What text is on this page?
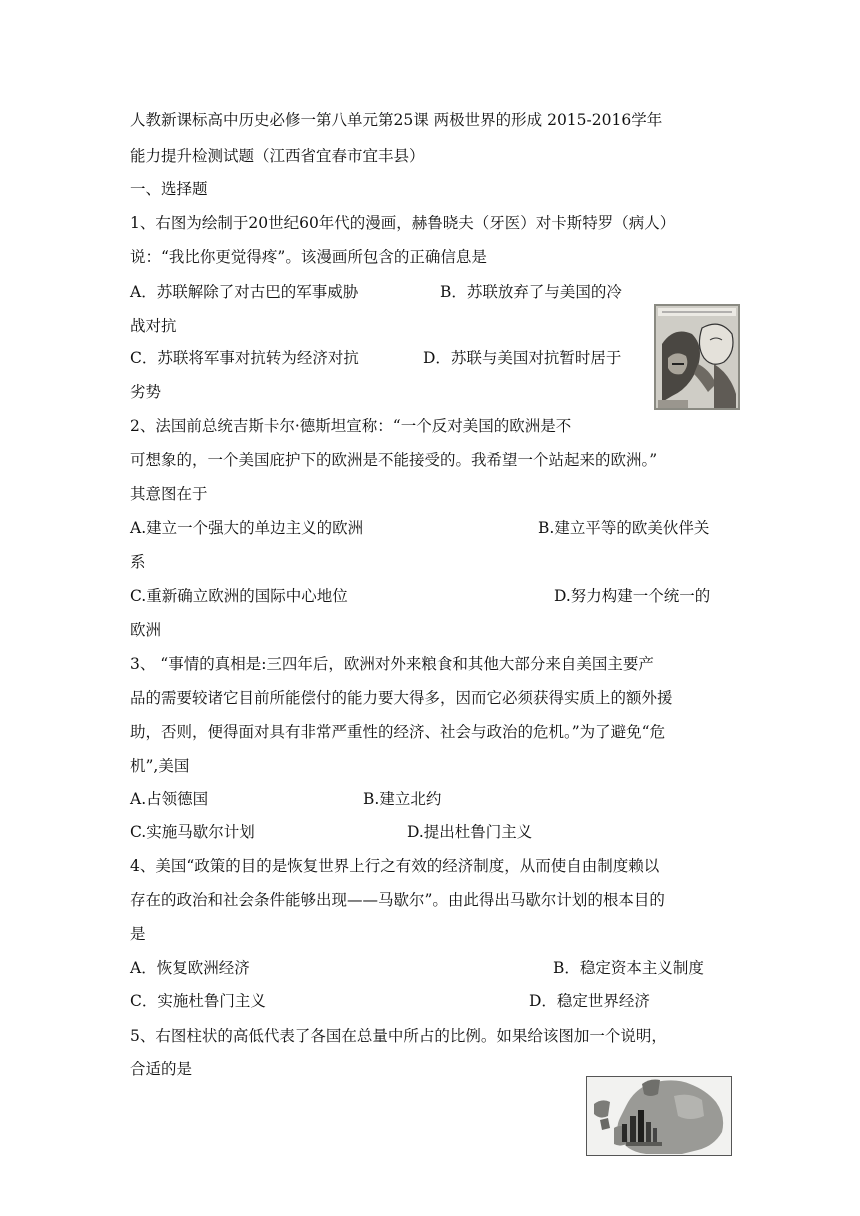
人教新课标高中历史必修一第八单元第25课 两极世界的形成 2015-2016学年
能力提升检测试题（江西省宜春市宜丰县）
一、选择题
1、右图为绘制于20世纪60年代的漫画，赫鲁晓夫（牙医）对卡斯特罗（病人）
说：“我比你更觉得疼”。该漫画所包含的正确信息是
A．苏联解除了对古巴的军事威胁	B．苏联放弃了与美国的冷
战对抗
C．苏联将军事对抗转为经济对抗	D．苏联与美国对抗暂时居于
劣势
2、法国前总统吉斯卡尔·德斯坦宣称：“一个反对美国的欧洲是不
可想象的，一个美国庇护下的欧洲是不能接受的。我希望一个站起来的欧洲。”
其意图在于
A.建立一个强大的单边主义的欧洲	B.建立平等的欧美伙伴关
系
C.重新确立欧洲的国际中心地位	D.努力构建一个统一的
欧洲
3、 “事情的真相是:三四年后，欧洲对外来粮食和其他大部分来自美国主要产
品的需要较诸它目前所能偿付的能力要大得多，因而它必须获得实质上的额外援
助，否则，便得面对具有非常严重性的经济、社会与政治的危机。”为了避免“危
机”,美国
A.占领德国	B.建立北约
C.实施马歇尔计划	D.提出杜鲁门主义
4、美国“政策的目的是恢复世界上行之有效的经济制度，从而使自由制度赖以
存在的政治和社会条件能够出现——马歇尔”。由此得出马歇尔计划的根本目的
是
A．恢复欧洲经济	B．稳定资本主义制度
C．实施杜鲁门主义	D．稳定世界经济
5、右图柱状的高低代表了各国在总量中所占的比例。如果给该图加一个说明，
合适的是
